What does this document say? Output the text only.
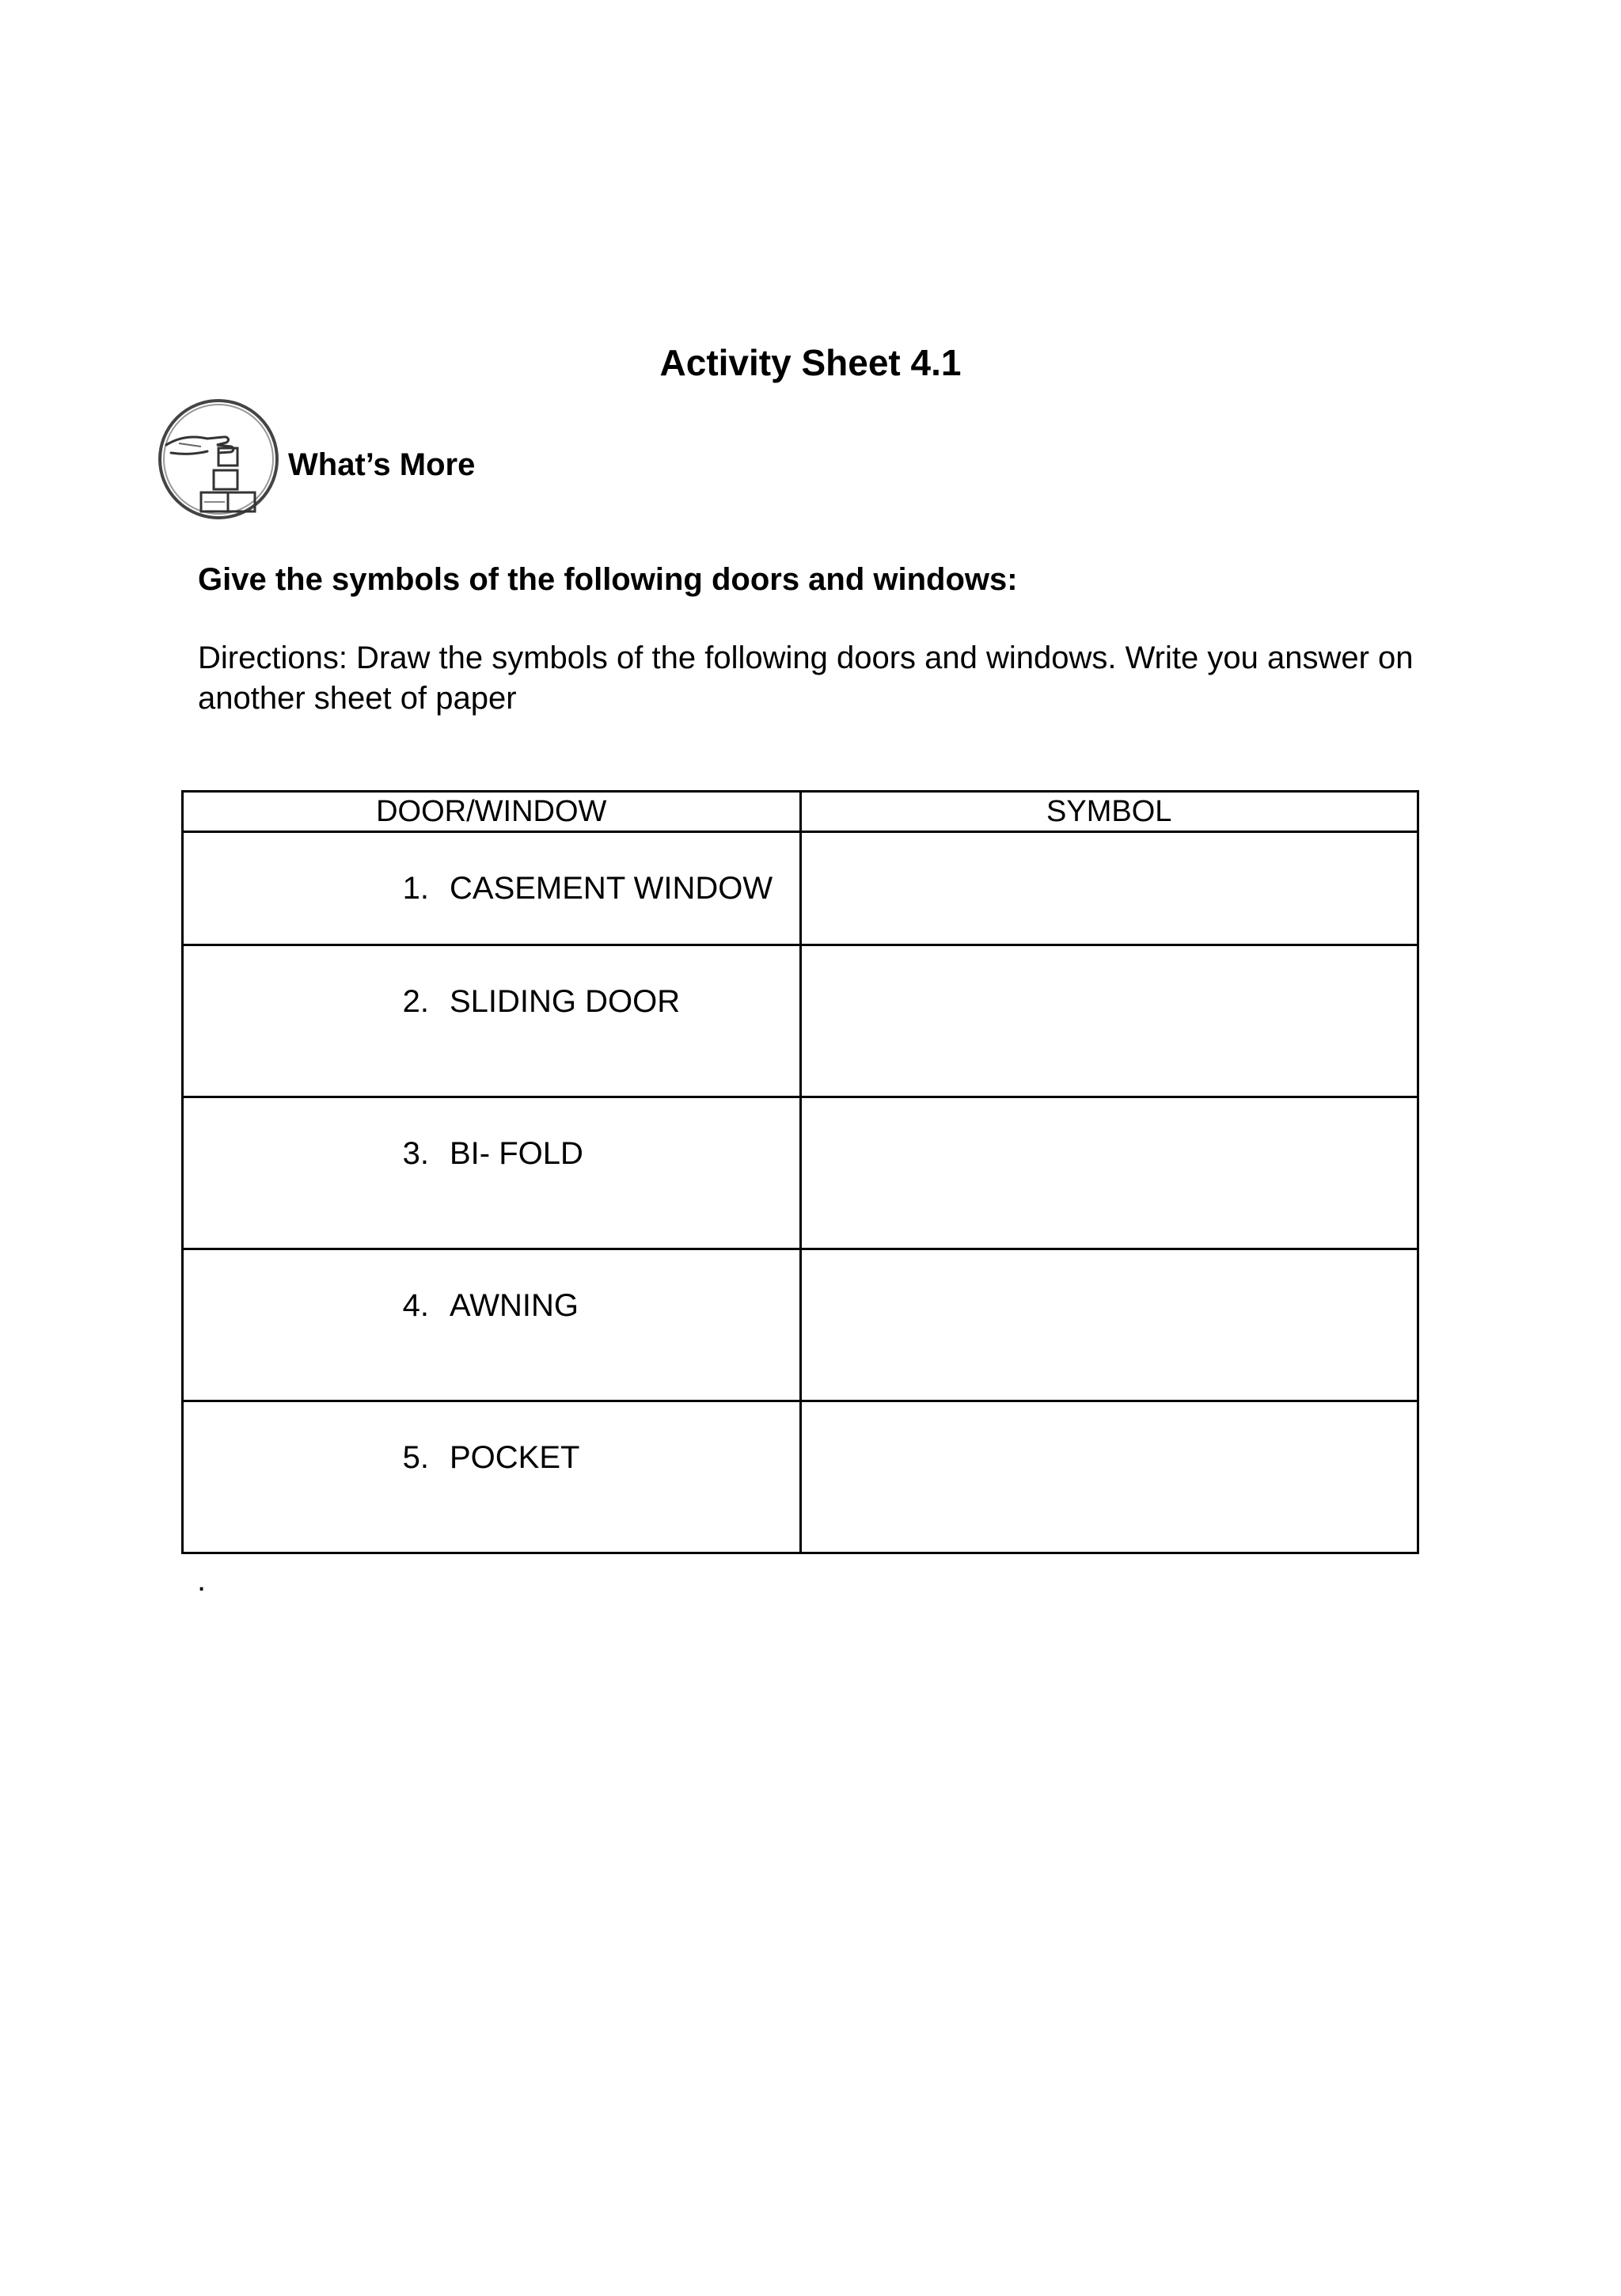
Activity Sheet 4.1
What’s More
Give the symbols of the following doors and windows:
Directions: Draw the symbols of the following doors and windows. Write you answer on another sheet of paper
DOOR/WINDOW	SYMBOL
1. CASEMENT WINDOW	
2. SLIDING DOOR	
3. BI- FOLD	
4. AWNING	
5. POCKET	
.
